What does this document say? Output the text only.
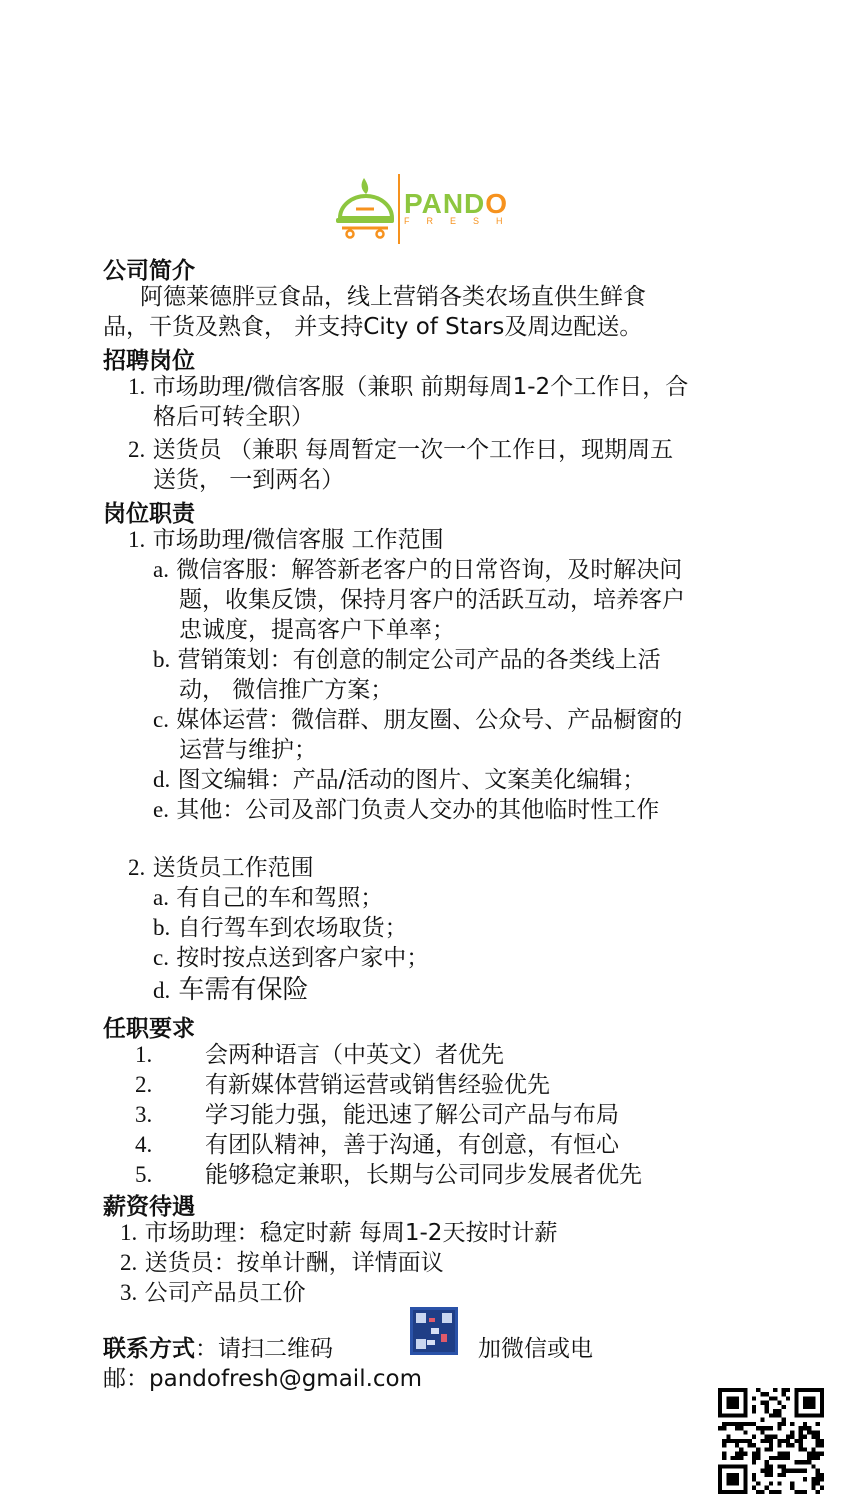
PANDO
FRESH
公司简介
阿德莱德胖豆食品，线上营销各类农场直供生鲜食
品，干货及熟食， 并支持City of Stars及周边配送。
招聘岗位
1. 市场助理/微信客服（兼职 前期每周1-2个工作日，合
格后可转全职）
2. 送货员 （兼职 每周暂定一次一个工作日，现期周五
送货， 一到两名）
岗位职责
1. 市场助理/微信客服 工作范围
a. 微信客服：解答新老客户的日常咨询，及时解决问
题，收集反馈，保持月客户的活跃互动，培养客户
忠诚度，提高客户下单率；
b. 营销策划：有创意的制定公司产品的各类线上活
动， 微信推广方案；
c. 媒体运营：微信群、朋友圈、公众号、产品橱窗的
运营与维护；
d. 图文编辑：产品/活动的图片、文案美化编辑；
e. 其他：公司及部门负责人交办的其他临时性工作
2. 送货员工作范围
a. 有自己的车和驾照；
b. 自行驾车到农场取货；
c. 按时按点送到客户家中；
d. 车需有保险
任职要求
1. 会两种语言（中英文）者优先
2. 有新媒体营销运营或销售经验优先
3. 学习能力强，能迅速了解公司产品与布局
4. 有团队精神，善于沟通，有创意，有恒心
5. 能够稳定兼职，长期与公司同步发展者优先
薪资待遇
1. 市场助理：稳定时薪 每周1-2天按时计薪
2. 送货员：按单计酬，详情面议
3. 公司产品员工价
联系方式：请扫二维码	加微信或电
邮：pandofresh@gmail.com
